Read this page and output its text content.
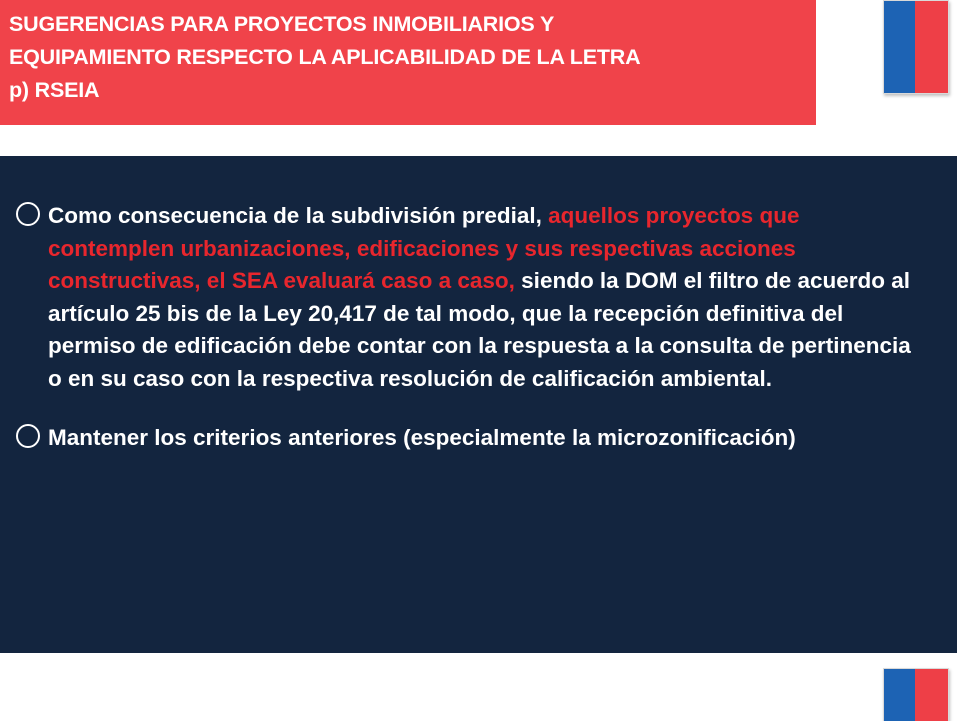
SUGERENCIAS PARA PROYECTOS INMOBILIARIOS Y
EQUIPAMIENTO RESPECTO LA APLICABILIDAD DE LA LETRA
p) RSEIA

Como consecuencia de la subdivisión predial, aquellos proyectos que contemplen urbanizaciones, edificaciones y sus respectivas acciones constructivas, el SEA evaluará caso a caso, siendo la DOM el filtro de acuerdo al artículo 25 bis de la Ley 20,417 de tal modo, que la recepción definitiva del permiso de edificación debe contar con la respuesta a la consulta de pertinencia o en su caso con la respectiva resolución de calificación ambiental.

Mantener los criterios anteriores (especialmente la microzonificación)
